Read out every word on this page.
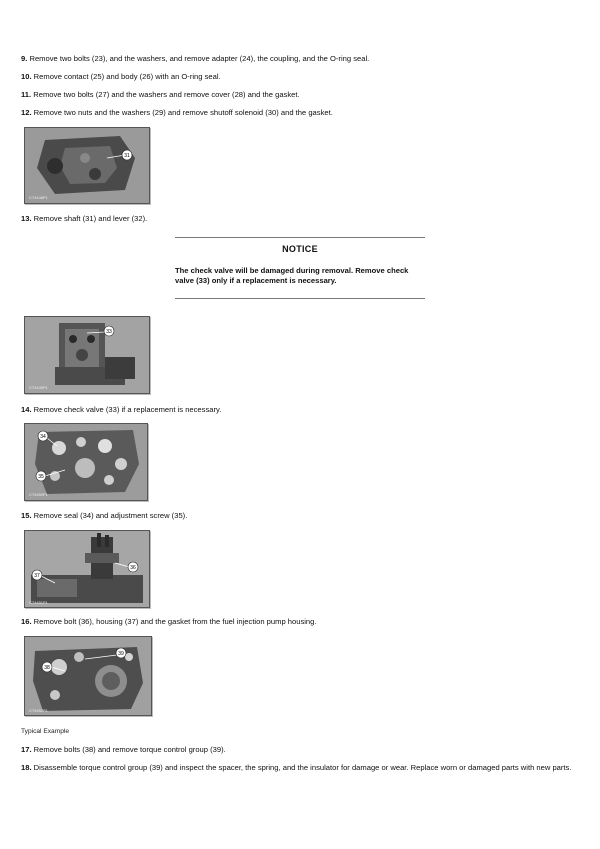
9. Remove two bolts (23), and the washers, and remove adapter (24), the coupling, and the O-ring seal.
10. Remove contact (25) and body (26) with an O-ring seal.
11. Remove two bolts (27) and the washers and remove cover (28) and the gasket.
12. Remove two nuts and the washers (29) and remove shutoff solenoid (30) and the gasket.
31
C74448P1
13. Remove shaft (31) and lever (32).
NOTICE
The check valve will be damaged during removal. Remove check valve (33) only if a replacement is necessary.
33
C74449P1
14. Remove check valve (33) if a replacement is necessary.
34
35
C74450P1
15. Remove seal (34) and adjustment screw (35).
37
36
C74451P1
16. Remove bolt (36), housing (37) and the gasket from the fuel injection pump housing.
39
38
C74452P1
Typical Example
17. Remove bolts (38) and remove torque control group (39).
18. Disassemble torque control group (39) and inspect the spacer, the spring, and the insulator for damage or wear. Replace worn or damaged parts with new parts.
